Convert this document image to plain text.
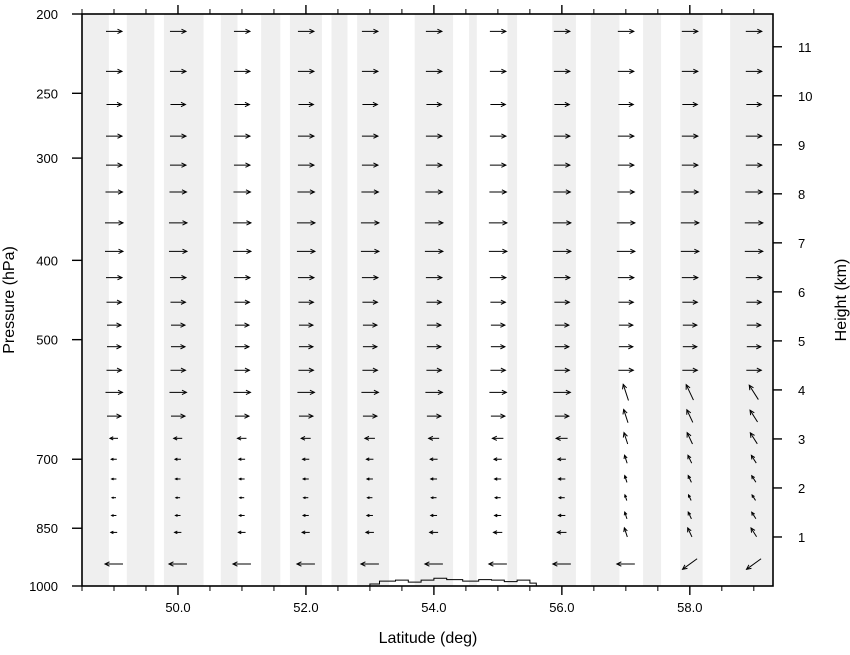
50.0	52.0	54.0	56.0	58.0
200
250
300
400
500
700
850
1000
1
2
3
4
5
6
7
8
9
10
11
Latitude (deg)
Pressure (hPa)	Height (km)
